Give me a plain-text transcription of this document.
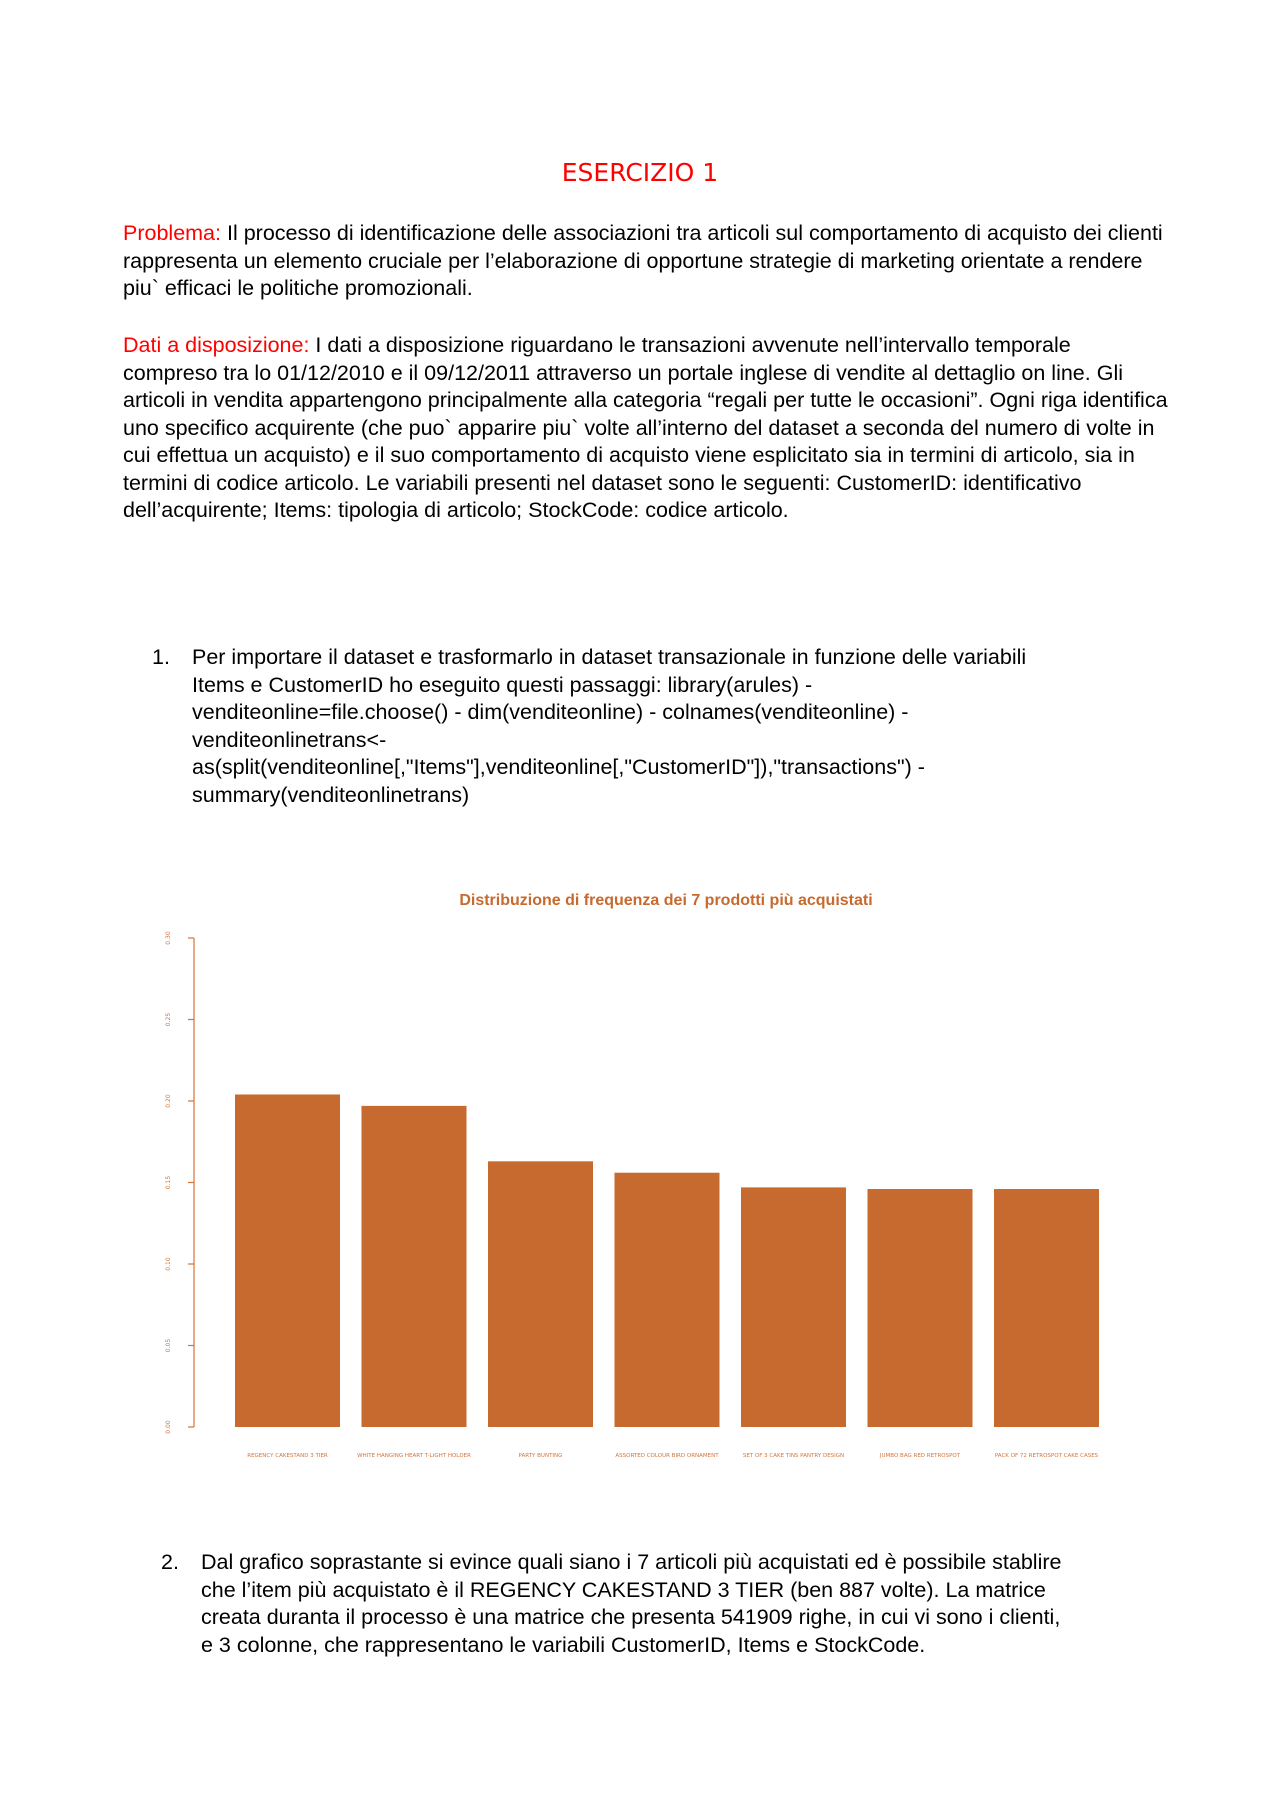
ESERCIZIO 1

Problema: Il processo di identificazione delle associazioni tra articoli sul comportamento di acquisto dei clienti rappresenta un elemento cruciale per l’elaborazione di opportune strategie di marketing orientate a rendere piu` efficaci le politiche promozionali.

Dati a disposizione: I dati a disposizione riguardano le transazioni avvenute nell’intervallo temporale compreso tra lo 01/12/2010 e il 09/12/2011 attraverso un portale inglese di vendite al dettaglio on line. Gli articoli in vendita appartengono principalmente alla categoria “regali per tutte le occasioni”. Ogni riga identifica uno specifico acquirente (che puo` apparire piu` volte all’interno del dataset a seconda del numero di volte in cui effettua un acquisto) e il suo comportamento di acquisto viene esplicitato sia in termini di articolo, sia in termini di codice articolo. Le variabili presenti nel dataset sono le seguenti: CustomerID: identificativo dell’acquirente; Items: tipologia di articolo; StockCode: codice articolo.

1. Per importare il dataset e trasformarlo in dataset transazionale in funzione delle variabili
Items e CustomerID ho eseguito questi passaggi: library(arules) -
venditeonline=file.choose() - dim(venditeonline) - colnames(venditeonline) -
venditeonlinetrans<-
as(split(venditeonline[,"Items"],venditeonline[,"CustomerID"]),"transactions") -
summary(venditeonlinetrans)
Distribuzione di frequenza dei 7 prodotti più acquistati
0.00
0.05
0.10
0.15
0.20
0.25
0.30
REGENCY CAKESTAND 3 TIER	WHITE HANGING HEART T-LIGHT HOLDER	PARTY BUNTING	ASSORTED COLOUR BIRD ORNAMENT	SET OF 3 CAKE TINS PANTRY DESIGN	JUMBO BAG RED RETROSPOT	PACK OF 72 RETROSPOT CAKE CASES
2. Dal grafico soprastante si evince quali siano i 7 articoli più acquistati ed è possibile stablire
che l’item più acquistato è il REGENCY CAKESTAND 3 TIER (ben 887 volte). La matrice
creata duranta il processo è una matrice che presenta 541909 righe, in cui vi sono i clienti,
e 3 colonne, che rappresentano le variabili CustomerID, Items e StockCode.
